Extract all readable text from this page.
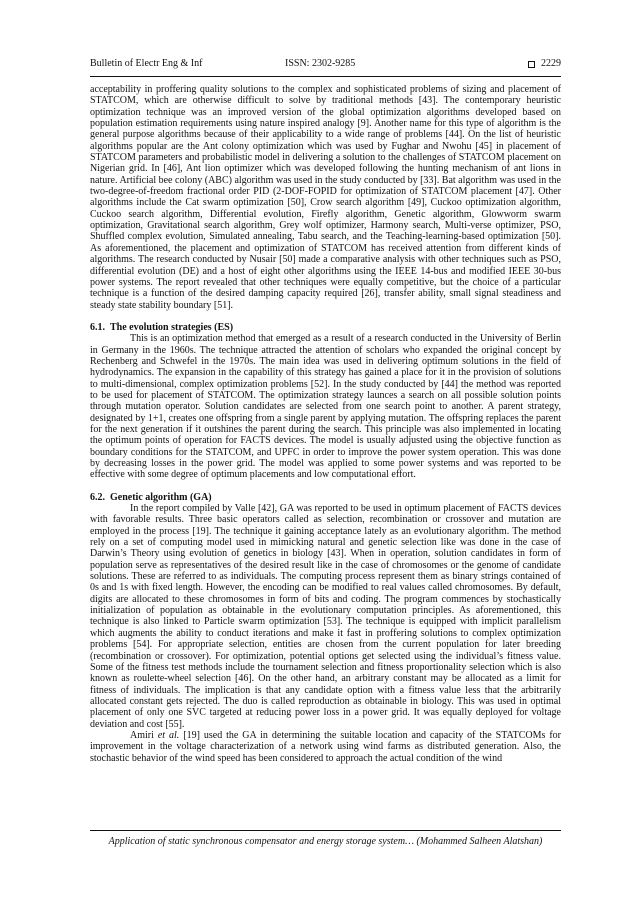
Bulletin of Electr Eng & Inf	ISSN: 2302-9285	2229

acceptability in proffering quality solutions to the complex and sophisticated problems of sizing and placement of STATCOM, which are otherwise difficult to solve by traditional methods [43]. The contemporary heuristic optimization technique was an improved version of the global optimization algorithms developed based on population estimation requirements using nature inspired analogy [9]. Another name for this type of algorithm is the general purpose algorithms because of their applicability to a wide range of problems [44]. On the list of heuristic algorithms popular are the Ant colony optimization which was used by Fughar and Nwohu [45] in placement of STATCOM parameters and probabilistic model in delivering a solution to the challenges of STATCOM placement on Nigerian grid. In [46], Ant lion optimizer which was developed following the hunting mechanism of ant lions in nature. Artificial bee colony (ABC) algorithm was used in the study conducted by [33]. Bat algorithm was used in the two-degree-of-freedom fractional order PID (2-DOF-FOPID for optimization of STATCOM placement [47]. Other algorithms include the Cat swarm optimization [50], Crow search algorithm [49], Cuckoo optimization algorithm, Cuckoo search algorithm, Differential evolution, Firefly algorithm, Genetic algorithm, Glowworm swarm optimization, Gravitational search algorithm, Grey wolf optimizer, Harmony search, Multi-verse optimizer, PSO, Shuffled complex evolution, Simulated annealing, Tabu search, and the Teaching-learning-based optimization [50]. As aforementioned, the placement and optimization of STATCOM has received attention from different kinds of algorithms. The research conducted by Nusair [50] made a comparative analysis with other techniques such as PSO, differential evolution (DE) and a host of eight other algorithms using the IEEE 14-bus and modified IEEE 30-bus power systems. The report revealed that other techniques were equally competitive, but the choice of a particular technique is a function of the desired damping capacity required [26], transfer ability, small signal steadiness and steady state stability boundary [51].

6.1.  The evolution strategies (ES)

This is an optimization method that emerged as a result of a research conducted in the University of Berlin in Germany in the 1960s. The technique attracted the attention of scholars who expanded the original concept by Rechenberg and Schwefel in the 1970s. The main idea was used in delivering optimum solutions in the field of hydrodynamics. The expansion in the capability of this strategy has gained a place for it in the provision of solutions to multi-dimensional, complex optimization problems [52]. In the study conducted by [44] the method was reported to be used for placement of STATCOM. The optimization strategy launces a search on all possible solution points through mutation operator. Solution candidates are selected from one search point to another. A parent strategy, designated by 1+1, creates one offspring from a single parent by applying mutation. The offspring replaces the parent for the next generation if it outshines the parent during the search. This principle was also implemented in locating the optimum points of operation for FACTS devices. The model is usually adjusted using the objective function as boundary conditions for the STATCOM, and UPFC in order to improve the power system operation. This was done by decreasing losses in the power grid. The model was applied to some power systems and was reported to be effective with some degree of optimum placements and low computational effort.

6.2.  Genetic algorithm (GA)

In the report compiled by Valle [42], GA was reported to be used in optimum placement of FACTS devices with favorable results. Three basic operators called as selection, recombination or crossover and mutation are employed in the process [19]. The technique it gaining acceptance lately as an evolutionary algorithm. The method rely on a set of computing model used in mimicking natural and genetic selection like was done in the case of Darwin’s Theory using evolution of genetics in biology [43]. When in operation, solution candidates in form of population serve as representatives of the desired result like in the case of chromosomes or the genome of candidate solutions. These are referred to as individuals. The computing process represent them as binary strings contained of 0s and 1s with fixed length. However, the encoding can be modified to real values called chromosomes. By default, digits are allocated to these chromosomes in form of bits and coding. The program commences by stochastically initialization of population as obtainable in the evolutionary computation principles. As aforementioned, this technique is also linked to Particle swarm optimization [53]. The technique is equipped with implicit parallelism which augments the ability to conduct iterations and make it fast in proffering solutions to complex optimization problems [54]. For appropriate selection, entities are chosen from the current population for later breeding (recombination or crossover). For optimization, potential options get selected using the individual’s fitness value. Some of the fitness test methods include the tournament selection and fitness proportionality selection which is also known as roulette-wheel selection [46]. On the other hand, an arbitrary constant may be allocated as a limit for fitness of individuals. The implication is that any candidate option with a fitness value less that the arbitrarily allocated constant gets rejected. The duo is called reproduction as obtainable in biology. This was used in optimal placement of only one SVC targeted at reducing power loss in a power grid. It was equally deployed for voltage deviation and cost [55].

Amiri et al. [19] used the GA in determining the suitable location and capacity of the STATCOMs for improvement in the voltage characterization of a network using wind farms as distributed generation. Also, the stochastic behavior of the wind speed has been considered to approach the actual condition of the wind

Application of static synchronous compensator and energy storage system… (Mohammed Salheen Alatshan)
